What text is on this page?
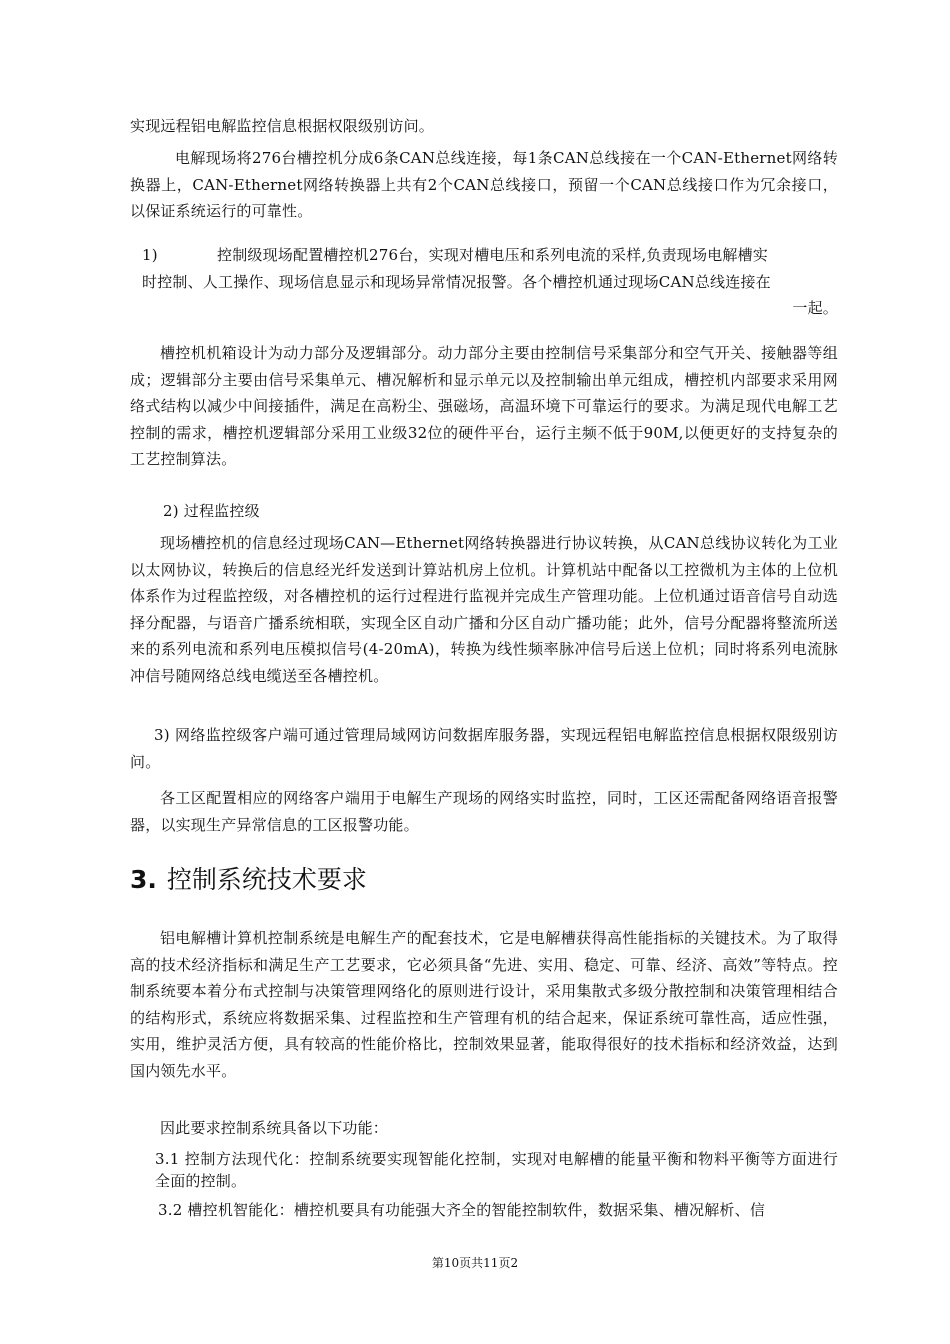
实现远程铝电解监控信息根据权限级别访问。

电解现场将276台槽控机分成6条CAN总线连接，每1条CAN总线接在一个CAN-Ethernet网络转换器上，CAN-Ethernet网络转换器上共有2个CAN总线接口，预留一个CAN总线接口作为冗余接口，以保证系统运行的可靠性。

1)	控制级现场配置槽控机276台，实现对槽电压和系列电流的采样,负责现场电解槽实
时控制、人工操作、现场信息显示和现场异常情况报警。各个槽控机通过现场CAN总线连接在
一起。

槽控机机箱设计为动力部分及逻辑部分。动力部分主要由控制信号采集部分和空气开关、接触器等组成；逻辑部分主要由信号采集单元、槽况解析和显示单元以及控制输出单元组成，槽控机内部要求采用网络式结构以减少中间接插件，满足在高粉尘、强磁场，高温环境下可靠运行的要求。为满足现代电解工艺控制的需求，槽控机逻辑部分采用工业级32位的硬件平台，运行主频不低于90M,以便更好的支持复杂的工艺控制算法。

2) 过程监控级

现场槽控机的信息经过现场CAN—Ethernet网络转换器进行协议转换，从CAN总线协议转化为工业以太网协议，转换后的信息经光纤发送到计算站机房上位机。计算机站中配备以工控微机为主体的上位机体系作为过程监控级，对各槽控机的运行过程进行监视并完成生产管理功能。上位机通过语音信号自动选择分配器，与语音广播系统相联，实现全区自动广播和分区自动广播功能；此外，信号分配器将整流所送来的系列电流和系列电压模拟信号(4-20mA)，转换为线性频率脉冲信号后送上位机；同时将系列电流脉冲信号随网络总线电缆送至各槽控机。

3) 网络监控级客户端可通过管理局域网访问数据库服务器，实现远程铝电解监控信息根据权限级别访问。

各工区配置相应的网络客户端用于电解生产现场的网络实时监控，同时，工区还需配备网络语音报警器，以实现生产异常信息的工区报警功能。

3. 控制系统技术要求

铝电解槽计算机控制系统是电解生产的配套技术，它是电解槽获得高性能指标的关键技术。为了取得高的技术经济指标和满足生产工艺要求，它必须具备“先进、实用、稳定、可靠、经济、高效”等特点。控制系统要本着分布式控制与决策管理网络化的原则进行设计，采用集散式多级分散控制和决策管理相结合的结构形式，系统应将数据采集、过程监控和生产管理有机的结合起来，保证系统可靠性高，适应性强，实用，维护灵活方便，具有较高的性能价格比，控制效果显著，能取得很好的技术指标和经济效益，达到国内领先水平。

因此要求控制系统具备以下功能：

3.1 控制方法现代化：控制系统要实现智能化控制，实现对电解槽的能量平衡和物料平衡等方面进行全面的控制。

3.2 槽控机智能化：槽控机要具有功能强大齐全的智能控制软件，数据采集、槽况解析、信

第10页共11页2
